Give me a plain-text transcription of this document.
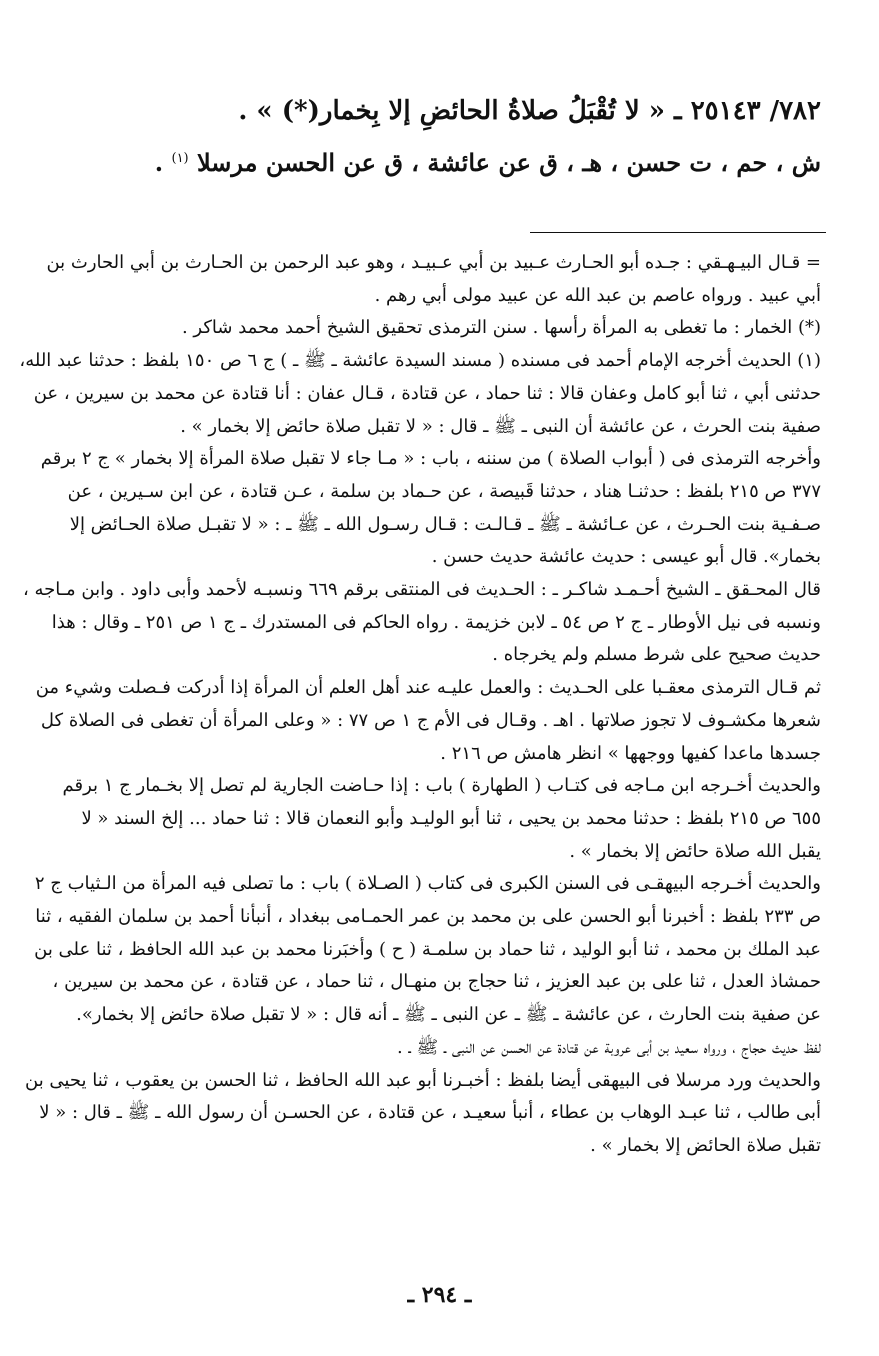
٧٨٢/ ٢٥١٤٣ ـ « لا تُقْبَلُ صلاةُ الحائضِ إلا بِخمار(*) » .
ش ، حم ، ت حسن ، هـ ، ق عن عائشة ، ق عن الحسن مرسلا $^{(١)}$ .
= قـال البيـهـقي : جـده أبو الحـارث عـبيد بن أبي عـبيـد ، وهو عبد الرحمن بن الحـارث بن أبي الحارث بن
أبي عبيد . ورواه عاصم بن عبد الله عن عبيد مولى أبي رهم .
(*) الخمار : ما تغطى به المرأة رأسها . سنن الترمذى تحقيق الشيخ أحمد محمد شاكر .
(١) الحديث أخرجه الإمام أحمد فى مسنده ( مسند السيدة عائشة ـ ﷺ ـ ) ج ٦ ص ١٥٠ بلفظ : حدثنا عبد الله،
حدثنى أبي ، ثنا أبو كامل وعفان قالا : ثنا حماد ، عن قتادة ، قـال عفان : أنا قتادة عن محمد بن سيرين ، عن
صفية بنت الحرث ، عن عائشة أن النبى ـ ﷺ ـ قال : « لا تقبل صلاة حائض إلا بخمار » .
وأخرجه الترمذى فى ( أبواب الصلاة ) من سننه ، باب : « مـا جاء لا تقبل صلاة المرأة إلا بخمار » ج ٢ برقم
٣٧٧ ص ٢١٥ بلفظ : حدثنـا هناد ، حدثنا قَبيصة ، عن حـماد بن سلمة ، عـن قتادة ، عن ابن سـيرين ، عن
صـفـية بنت الحـرث ، عن عـائشة ـ ﷺ ـ قـالـت : قـال رسـول الله ـ ﷺ ـ : « لا تقبـل صلاة الحـائض إلا
بخمار». قال أبو عيسى : حديث عائشة حديث حسن .
قال المحـقق ـ الشيخ أحـمـد شاكـر ـ : الحـديث فى المنتقى برقم ٦٦٩ ونسبـه لأحمد وأبى داود . وابن مـاجه ،
ونسبه فى نيل الأوطار ـ ج ٢ ص ٥٤ ـ لابن خزيمة . رواه الحاكم فى المستدرك ـ ج ١ ص ٢٥١ ـ وقال : هذا
حديث صحيح على شرط مسلم ولم يخرجاه .
ثم قـال الترمذى معقـبا على الحـديث : والعمل عليـه عند أهل العلم أن المرأة إذا أدركت فـصلت وشيء من
شعرها مكشـوف لا تجوز صلاتها . اهـ . وقـال فى الأم ج ١ ص ٧٧ : « وعلى المرأة أن تغطى فى الصلاة كل
جسدها ماعدا كفيها ووجهها » انظر هامش ص ٢١٦ .
والحديث أخـرجه ابن مـاجه فى كتـاب ( الطهارة ) باب : إذا حـاضت الجارية لم تصل إلا بخـمار ج ١ برقم
٦٥٥ ص ٢١٥ بلفظ : حدثنا محمد بن يحيى ، ثنا أبو الوليـد وأبو النعمان قالا : ثنا حماد ... إلخ السند « لا
يقبل الله صلاة حائض إلا بخمار » .
والحديث أخـرجه البيهقـى فى السنن الكبرى فى كتاب ( الصـلاة ) باب : ما تصلى فيه المرأة من الـثياب ج ٢
ص ٢٣٣ بلفظ : أخبرنا أبو الحسن على بن محمد بن عمر الحمـامى ببغداد ، أنبأنا أحمد بن سلمان الفقيه ، ثنا
عبد الملك بن محمد ، ثنا أبو الوليد ، ثنا حماد بن سلمـة ( ح ) وأخبَرنا محمد بن عبد الله الحافظ ، ثنا على بن
حمشاذ العدل ، ثنا على بن عبد العزيز ، ثنا حجاج بن منهـال ، ثنا حماد ، عن قتادة ، عن محمد بن سيرين ،
عن صفية بنت الحارث ، عن عائشة ـ ﷺ ـ عن النبى ـ ﷺ ـ أنه قال : « لا تقبل صلاة حائض إلا بخمار».
لفظ حديث حجاج ، ورواه سعيد بن أبى عروبة عن قتادة عن الحسن عن النبى ـ ﷺ ـ .
والحديث ورد مرسلا فى البيهقى أيضا بلفظ : أخبـرنا أبو عبد الله الحافظ ، ثنا الحسن بن يعقوب ، ثنا يحيى بن
أبى طالب ، ثنا عبـد الوهاب بن عطاء ، أنبأ سعيـد ، عن قتادة ، عن الحسـن أن رسول الله ـ ﷺ ـ قال : « لا
تقبل صلاة الحائض إلا بخمار » .
ـ ٢٩٤ ـ
